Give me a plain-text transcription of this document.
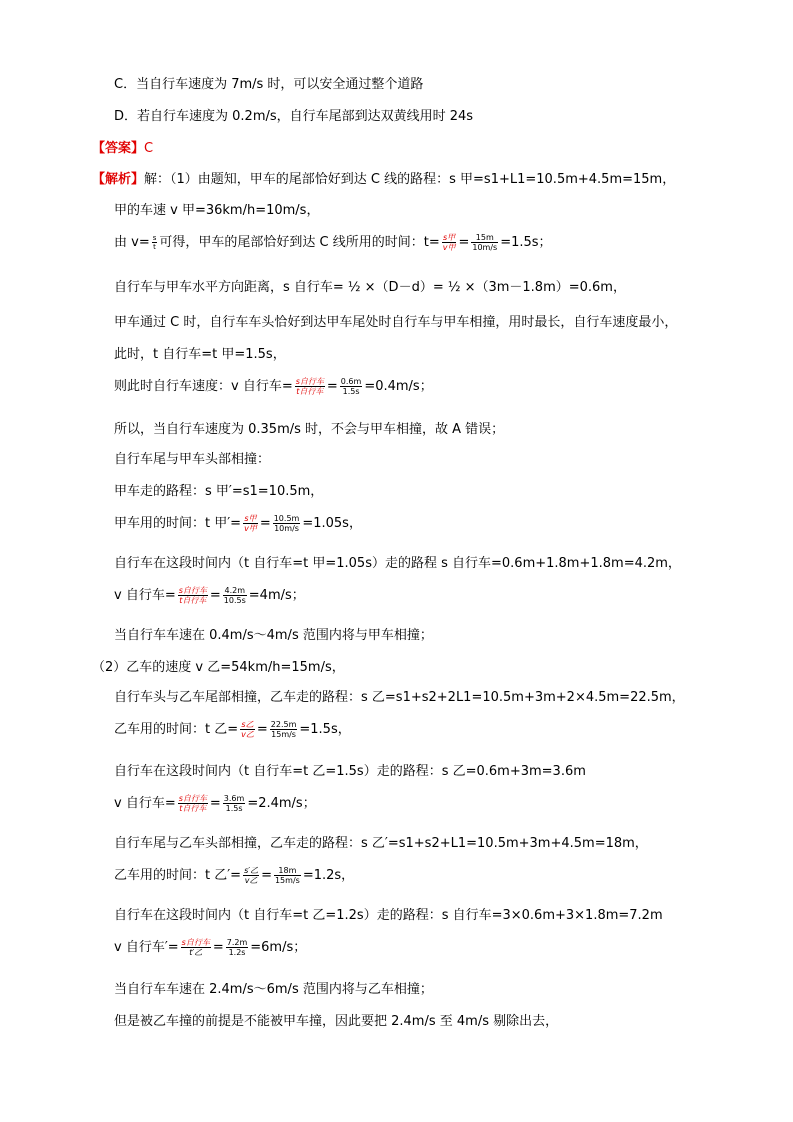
C．当自行车速度为 7m/s 时，可以安全通过整个道路
D．若自行车速度为 0.2m/s，自行车尾部到达双黄线用时 24s
【答案】C
【解析】解：（1）由题知，甲车的尾部恰好到达 C 线的路程：s 甲=s1+L1=10.5m+4.5m=15m，
甲的车速 v 甲=36km/h=10m/s，
由 $v= \frac{s}{t}$ 可得，甲车的尾部恰好到达 C 线所用的时间：$t= \frac{\text{s甲}}{\text{v甲}} = \frac{15m}{10m/s} =1.5s$；
自行车与甲车水平方向距离，s 自行车= ½ ×（D－d）= ½ ×（3m－1.8m）=0.6m，
甲车通过 C 时，自行车车头恰好到达甲车尾处时自行车与甲车相撞，用时最长，自行车速度最小，
此时，t 自行车=t 甲=1.5s，
则此时自行车速度：v 自行车= $\frac{\text{s自行车}}{\text{t自行车}} = \frac{0.6m}{1.5s} =0.4m/s$；
所以，当自行车速度为 0.35m/s 时，不会与甲车相撞，故 A 错误；
自行车尾与甲车头部相撞：
甲车走的路程：s 甲′=s1=10.5m，
甲车用的时间：t 甲′= $\frac{\text{s甲}}{\text{v甲}} = \frac{10.5m}{10m/s} =1.05s$，
自行车在这段时间内（t 自行车=t 甲=1.05s）走的路程 s 自行车=0.6m+1.8m+1.8m=4.2m，
v 自行车= $\frac{\text{s自行车}}{\text{t自行车}} = \frac{4.2m}{10.5s} =4m/s$；
当自行车车速在 0.4m/s～4m/s 范围内将与甲车相撞；
（2）乙车的速度 v 乙=54km/h=15m/s，
自行车头与乙车尾部相撞，乙车走的路程：s 乙=s1+s2+2L1=10.5m+3m+2×4.5m=22.5m，
乙车用的时间：t 乙= $\frac{\text{s乙}}{\text{v乙}} = \frac{22.5m}{15m/s} =1.5s$，
自行车在这段时间内（t 自行车=t 乙=1.5s）走的路程：s 乙=0.6m+3m=3.6m
v 自行车= $\frac{\text{s自行车}}{\text{t自行车}} = \frac{3.6m}{1.5s} =2.4m/s$；
自行车尾与乙车头部相撞，乙车走的路程：s 乙′=s1+s2+L1=10.5m+3m+4.5m=18m，
乙车用的时间：t 乙′= $\frac{\text{s′乙}}{\text{v乙}} = \frac{18m}{15m/s} =1.2s$，
自行车在这段时间内（t 自行车=t 乙=1.2s）走的路程：s 自行车=3×0.6m+3×1.8m=7.2m
v 自行车′= $\frac{\text{s自行车}}{\text{t′乙}} = \frac{7.2m}{1.2s} =6m/s$；
当自行车车速在 2.4m/s～6m/s 范围内将与乙车相撞；
但是被乙车撞的前提是不能被甲车撞，因此要把 2.4m/s 至 4m/s 剔除出去，
